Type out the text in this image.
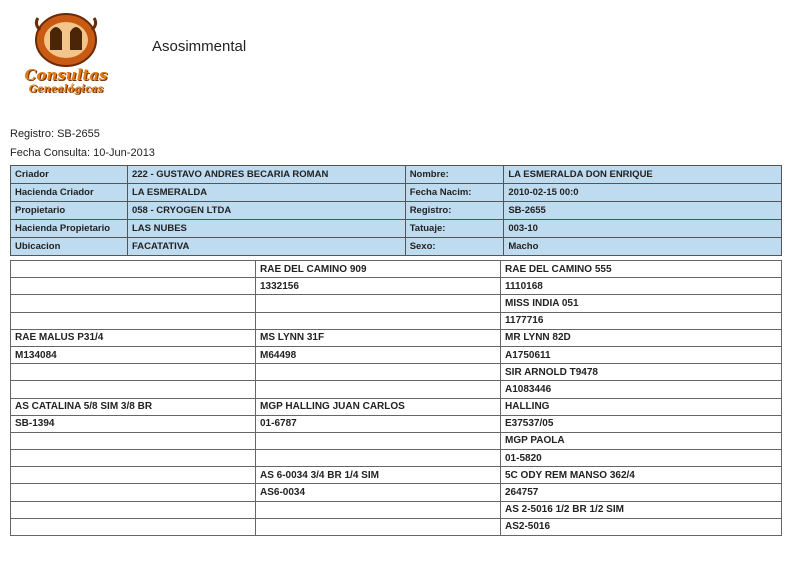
Consultas
Genealógicas
Asosimmental
Registro: SB-2655
Fecha Consulta: 10-Jun-2013
Criador	222 - GUSTAVO ANDRES BECARIA ROMAN	Nombre:	LA ESMERALDA DON ENRIQUE
Hacienda Criador	LA ESMERALDA	Fecha Nacim:	2010-02-15 00:0
Propietario	058 - CRYOGEN LTDA	Registro:	SB-2655
Hacienda Propietario	LAS NUBES	Tatuaje:	003-10
Ubicacion	FACATATIVA	Sexo:	Macho
	RAE DEL CAMINO 909	RAE DEL CAMINO 555
	1332156	1110168
		MISS INDIA 051
		1177716
RAE MALUS P31/4	MS LYNN 31F	MR LYNN 82D
M134084	M64498	A1750611
		SIR ARNOLD T9478
		A1083446
AS CATALINA 5/8 SIM 3/8 BR	MGP HALLING JUAN CARLOS	HALLING
SB-1394	01-6787	E37537/05
		MGP PAOLA
		01-5820
	AS 6-0034 3/4 BR 1/4 SIM	5C ODY REM MANSO 362/4
	AS6-0034	264757
		AS 2-5016 1/2 BR 1/2 SIM
		AS2-5016
